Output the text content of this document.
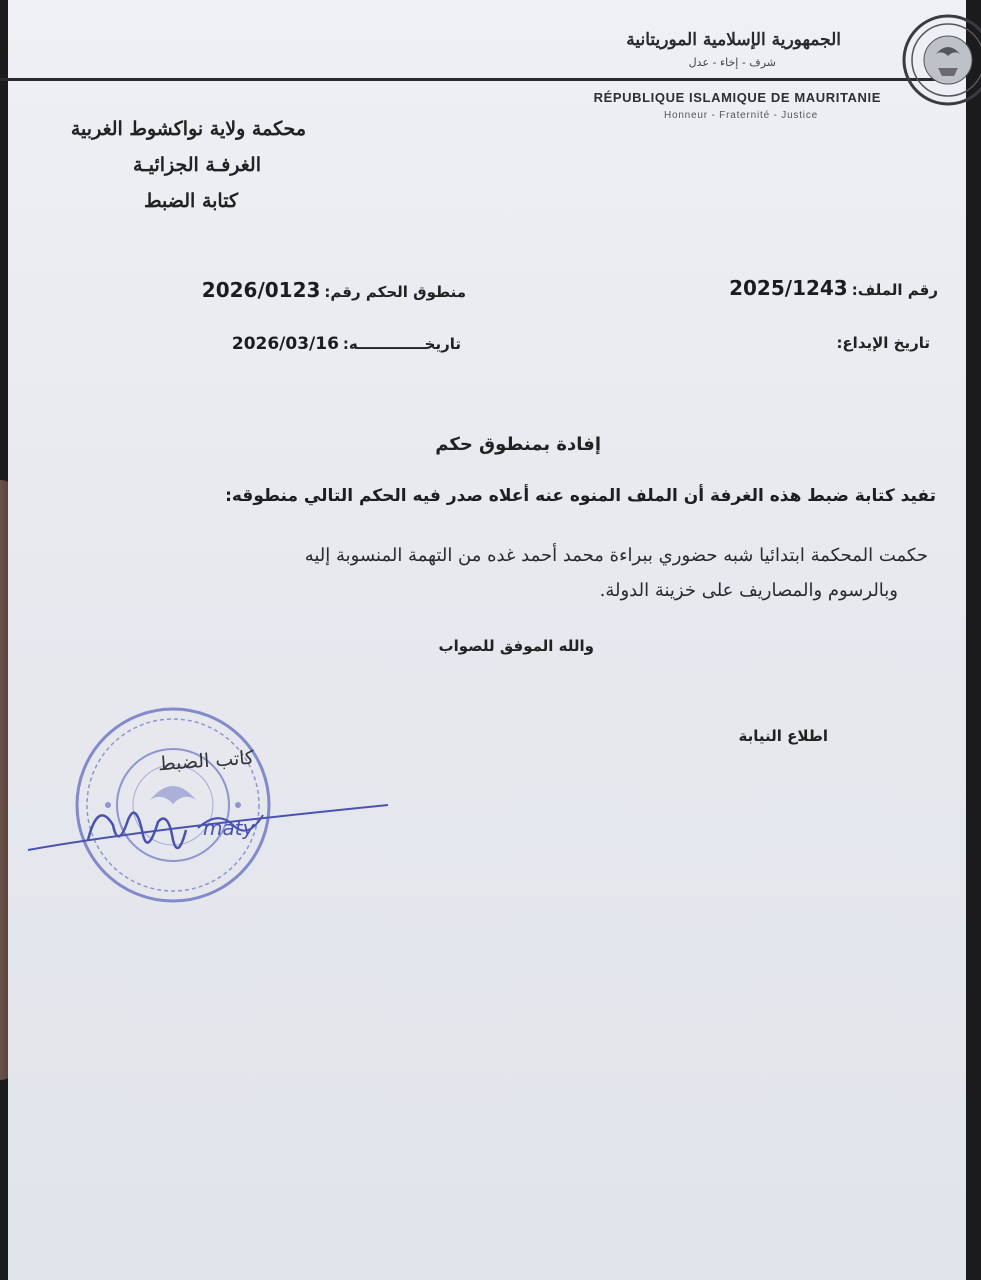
الجمهورية الإسلامية الموريتانية
شرف - إخاء - عدل
RÉPUBLIQUE ISLAMIQUE DE MAURITANIE
Honneur - Fraternité - Justice
محكمة ولاية نواكشوط الغربية
الغرفـة الجزائيـة
كتابة الضبط
رقم الملف:
2025/1243
منطوق الحكم رقم:
2026/0123
تاريخ الإيداع:
تاريخـــــــــــــه:
2026/03/16
إفادة بمنطوق حكم
تفيد كتابة ضبط هذه الغرفة أن الملف المنوه عنه أعلاه صدر فيه الحكم التالي منطوقه:
حكمت المحكمة ابتدائيا شبه حضوري ببراءة محمد أحمد غده من التهمة المنسوبة إليه
وبالرسوم والمصاريف على خزينة الدولة.
والله الموفق للصواب
اطلاع النيابة
كاتب الضبط
maty
